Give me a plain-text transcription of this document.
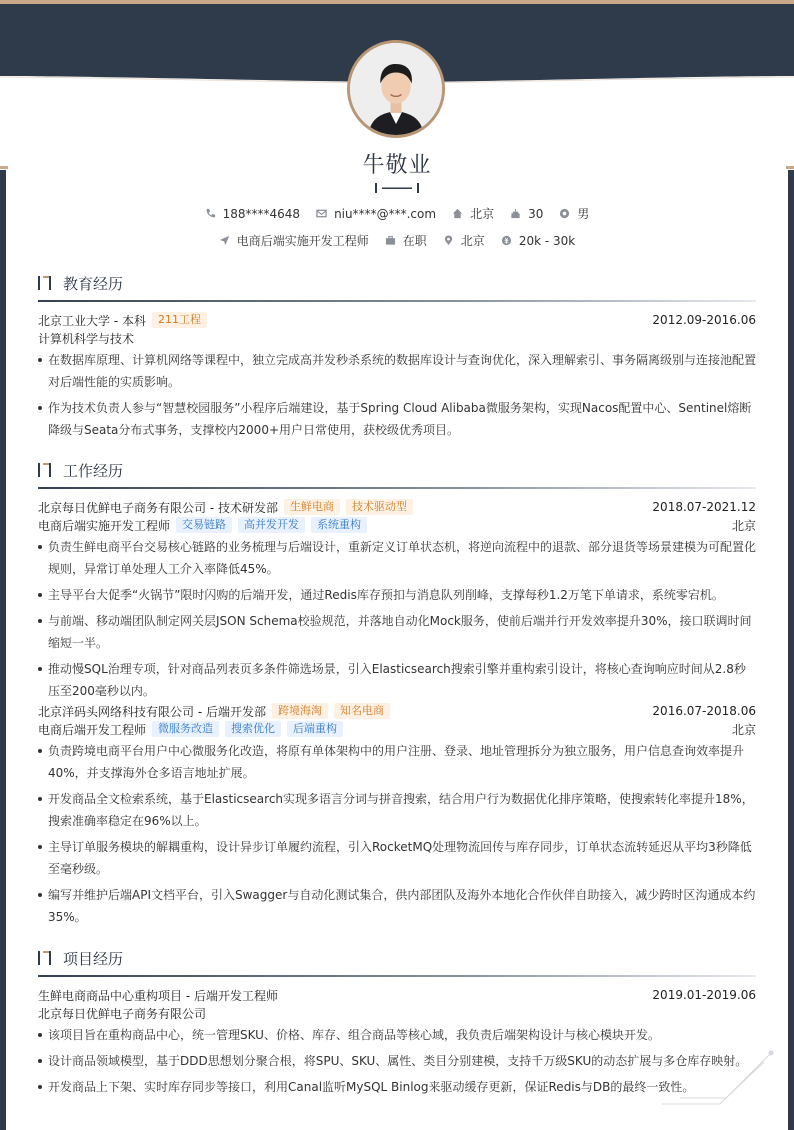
牛敬业
188****4648	niu****@***.com	北京	30	男
电商后端实施开发工程师	在职	北京	20k - 30k
教育经历
北京工业大学 - 本科	211工程	2012.09-2016.06
计算机科学与技术
在数据库原理、计算机网络等课程中，独立完成高并发秒杀系统的数据库设计与查询优化，深入理解索引、事务隔离级别与连接池配置对后端性能的实质影响。
作为技术负责人参与“智慧校园服务”小程序后端建设，基于Spring Cloud Alibaba微服务架构，实现Nacos配置中心、Sentinel熔断降级与Seata分布式事务，支撑校内2000+用户日常使用，获校级优秀项目。
工作经历
北京每日优鲜电子商务有限公司 - 技术研发部	生鲜电商	技术驱动型	2018.07-2021.12
电商后端实施开发工程师	交易链路	高并发开发	系统重构	北京
负责生鲜电商平台交易核心链路的业务梳理与后端设计，重新定义订单状态机，将逆向流程中的退款、部分退货等场景建模为可配置化规则，异常订单处理人工介入率降低45%。
主导平台大促季“火锅节”限时闪购的后端开发，通过Redis库存预扣与消息队列削峰，支撑每秒1.2万笔下单请求，系统零宕机。
与前端、移动端团队制定网关层JSON Schema校验规范，并落地自动化Mock服务，使前后端并行开发效率提升30%，接口联调时间缩短一半。
推动慢SQL治理专项，针对商品列表页多条件筛选场景，引入Elasticsearch搜索引擎并重构索引设计，将核心查询响应时间从2.8秒压至200毫秒以内。
北京洋码头网络科技有限公司 - 后端开发部	跨境海淘	知名电商	2016.07-2018.06
电商后端开发工程师	微服务改造	搜索优化	后端重构	北京
负责跨境电商平台用户中心微服务化改造，将原有单体架构中的用户注册、登录、地址管理拆分为独立服务，用户信息查询效率提升40%，并支撑海外仓多语言地址扩展。
开发商品全文检索系统，基于Elasticsearch实现多语言分词与拼音搜索，结合用户行为数据优化排序策略，使搜索转化率提升18%，搜索准确率稳定在96%以上。
主导订单服务模块的解耦重构，设计异步订单履约流程，引入RocketMQ处理物流回传与库存同步，订单状态流转延迟从平均3秒降低至毫秒级。
编写并维护后端API文档平台，引入Swagger与自动化测试集合，供内部团队及海外本地化合作伙伴自助接入，减少跨时区沟通成本约35%。
项目经历
生鲜电商商品中心重构项目 - 后端开发工程师	2019.01-2019.06
北京每日优鲜电子商务有限公司
该项目旨在重构商品中心，统一管理SKU、价格、库存、组合商品等核心域，我负责后端架构设计与核心模块开发。
设计商品领域模型，基于DDD思想划分聚合根，将SPU、SKU、属性、类目分别建模，支持千万级SKU的动态扩展与多仓库存映射。
开发商品上下架、实时库存同步等接口，利用Canal监听MySQL Binlog来驱动缓存更新，保证Redis与DB的最终一致性。
